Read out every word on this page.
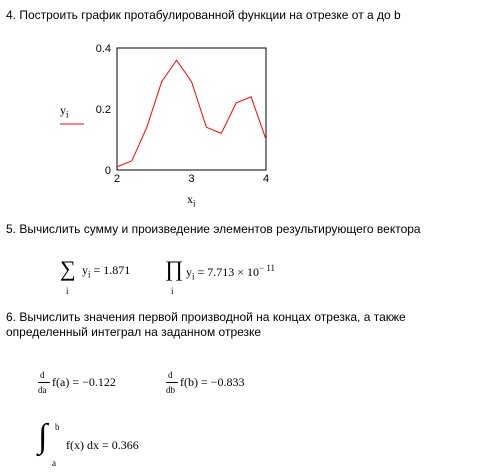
4. Построить график протабулированной функции на отрезке от a до b
0
0.2
0.4
2	3	4
$y_i$
$x_i$
5. Вычислить сумму и произведение элементов результирующего вектора
∑ $y_i = 1.871$
i
∏ $y_i = 7.713 \times 10^{- 11}$
i
6. Вычислить значения первой производной на концах отрезка, а также
определенный интеграл на заданном отрезке
d
da
f(a) = −0.122	d
db
f(b) = −0.833
∫ b
a
f(x) dx = 0.366
